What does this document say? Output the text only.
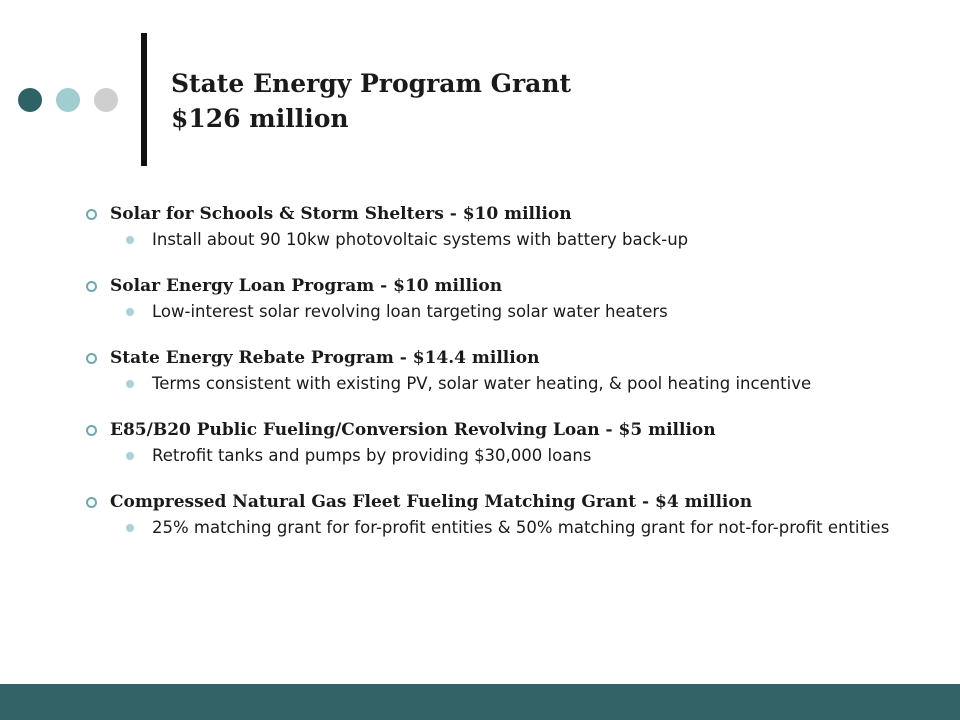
State Energy Program Grant
$126 million
Solar for Schools & Storm Shelters - $10 million
Install about 90 10kw photovoltaic systems with battery back-up
Solar Energy Loan Program - $10 million
Low-interest solar revolving loan targeting solar water heaters
State Energy Rebate Program - $14.4 million
Terms consistent with existing PV, solar water heating, & pool heating incentive
E85/B20 Public Fueling/Conversion Revolving Loan - $5 million
Retrofit tanks and pumps by providing $30,000 loans
Compressed Natural Gas Fleet Fueling Matching Grant - $4 million
25% matching grant for for-profit entities & 50% matching grant for not-for-profit entities
